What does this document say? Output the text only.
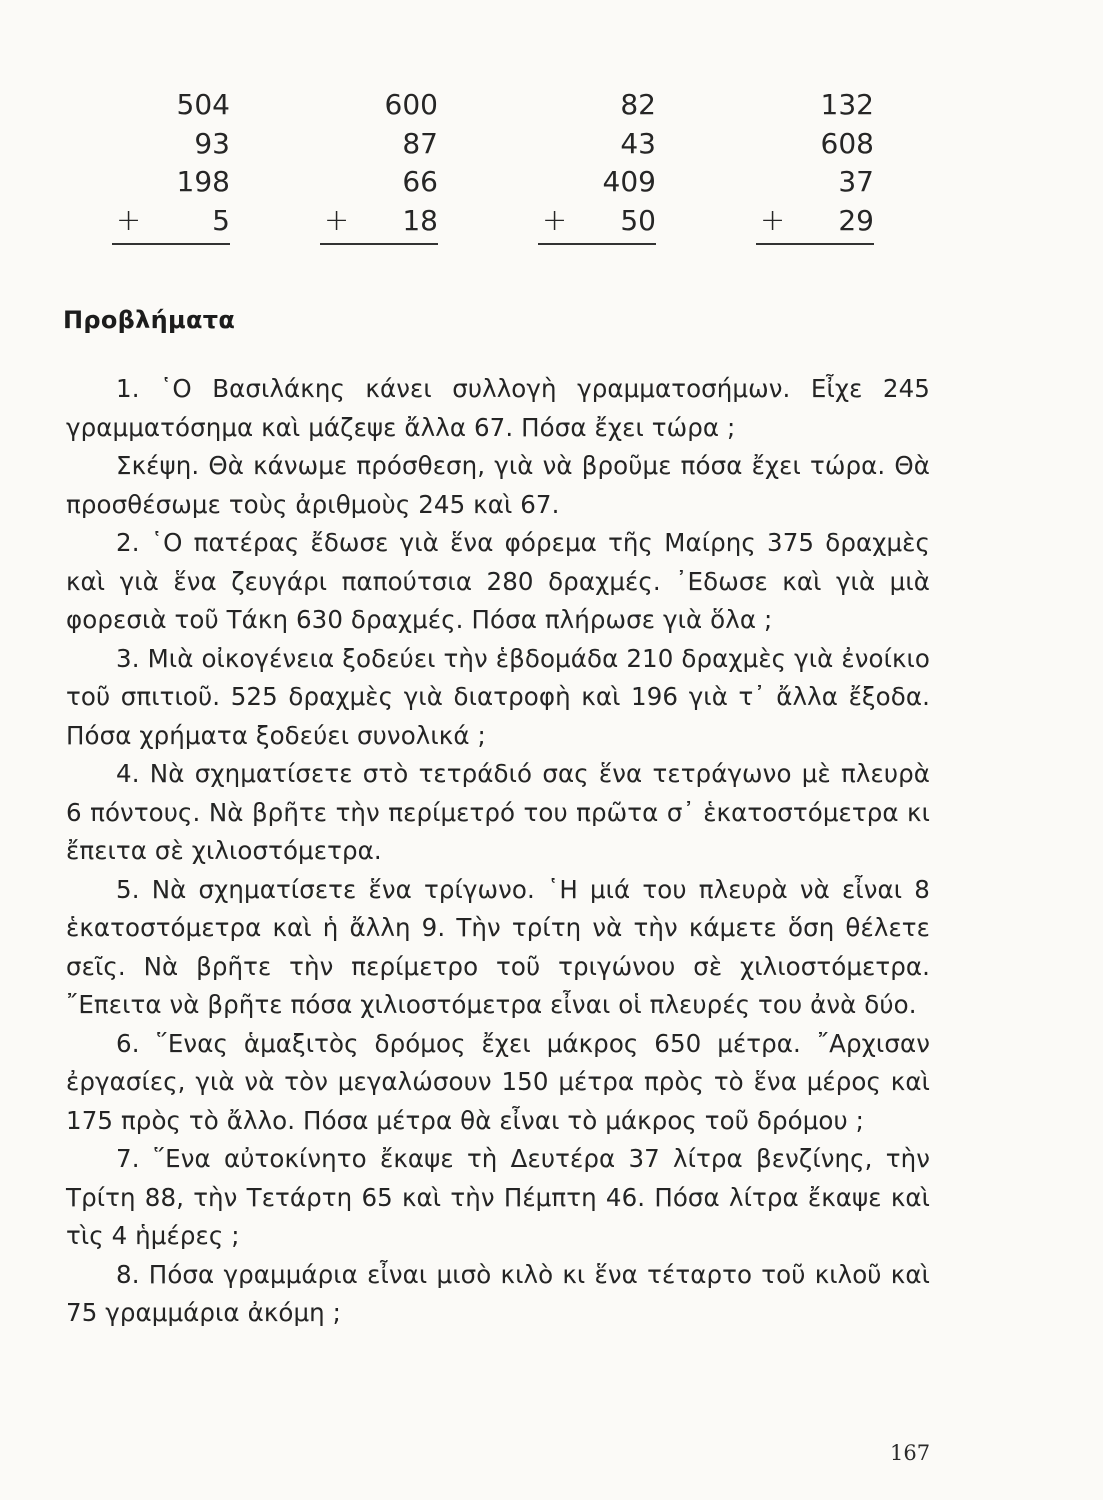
504
93
198
+	5
600
87
66
+ 18
82
43
409
+ 50
132
608
37
+ 29
Προβλήματα

1. ῾Ο Βασιλάκης κάνει συλλογὴ γραμματοσήμων. Εἶχε 245 γραμματόσημα καὶ μάζεψε ἄλλα 67. Πόσα ἔχει τώρα ;

Σκέψη. Θὰ κάνωμε πρόσθεση, γιὰ νὰ βροῦμε πόσα ἔχει τώρα. Θὰ προσθέσωμε τοὺς ἀριθμοὺς 245 καὶ 67.

2. ῾Ο πατέρας ἔδωσε γιὰ ἕνα φόρεμα τῆς Μαίρης 375 δραχμὲς καὶ γιὰ ἕνα ζευγάρι παπούτσια 280 δραχμές. ᾿Εδωσε καὶ γιὰ μιὰ φορεσιὰ τοῦ Τάκη 630 δραχμές. Πόσα πλήρωσε γιὰ ὅλα ;

3. Μιὰ οἰκογένεια ξοδεύει τὴν ἑβδομάδα 210 δραχμὲς γιὰ ἐνοίκιο τοῦ σπιτιοῦ. 525 δραχμὲς γιὰ διατροφὴ καὶ 196 γιὰ τ᾿ ἄλλα ἔξοδα. Πόσα χρήματα ξοδεύει συνολικά ;

4. Νὰ σχηματίσετε στὸ τετράδιό σας ἕνα τετράγωνο μὲ πλευρὰ 6 πόντους. Νὰ βρῆτε τὴν περίμετρό του πρῶτα σ᾿ ἑκατοστόμετρα κι ἔπειτα σὲ χιλιοστόμετρα.

5. Νὰ σχηματίσετε ἕνα τρίγωνο. ῾Η μιά του πλευρὰ νὰ εἶναι 8 ἑκατοστόμετρα καὶ ἡ ἄλλη 9. Τὴν τρίτη νὰ τὴν κάμετε ὅση θέλετε σεῖς. Νὰ βρῆτε τὴν περίμετρο τοῦ τριγώνου σὲ χιλιοστόμετρα. ῎Επειτα νὰ βρῆτε πόσα χιλιοστόμετρα εἶναι οἱ πλευρές του ἀνὰ δύο.

6. ῞Ενας ἁμαξιτὸς δρόμος ἔχει μάκρος 650 μέτρα. ῎Αρχισαν ἐργασίες, γιὰ νὰ τὸν μεγαλώσουν 150 μέτρα πρὸς τὸ ἕνα μέρος καὶ 175 πρὸς τὸ ἄλλο. Πόσα μέτρα θὰ εἶναι τὸ μάκρος τοῦ δρόμου ;

7. ῞Ενα αὐτοκίνητο ἔκαψε τὴ Δευτέρα 37 λίτρα βενζίνης, τὴν Τρίτη 88, τὴν Τετάρτη 65 καὶ τὴν Πέμπτη 46. Πόσα λίτρα ἔκαψε καὶ τὶς 4 ἡμέρες ;

8. Πόσα γραμμάρια εἶναι μισὸ κιλὸ κι ἕνα τέταρτο τοῦ κιλοῦ καὶ 75 γραμμάρια ἀκόμη ;

167
